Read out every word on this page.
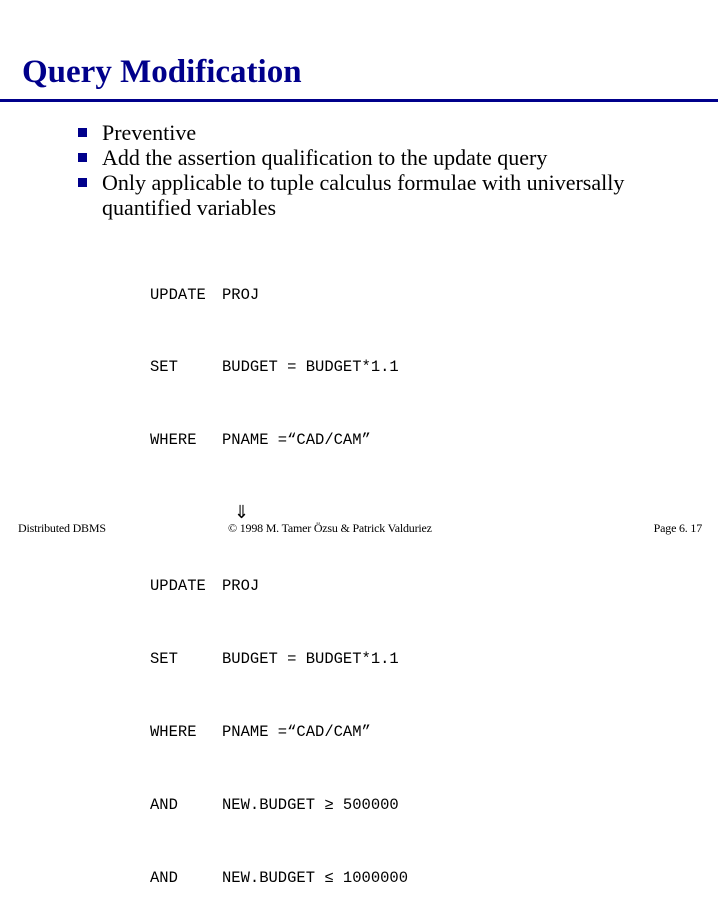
Query Modification
Preventive
Add the assertion qualification to the update query
Only applicable to tuple calculus formulae with universally quantified variables

UPDATE PROJ

SET	BUDGET = BUDGET*1.1

WHERE PNAME =“CAD/CAM”

⇓

UPDATE PROJ

SET	BUDGET = BUDGET*1.1

WHERE PNAME =“CAD/CAM”

AND	NEW.BUDGET ≥ 500000

AND	NEW.BUDGET ≤ 1000000

Distributed DBMS	© 1998 M. Tamer Özsu & Patrick Valduriez	Page 6. 17
